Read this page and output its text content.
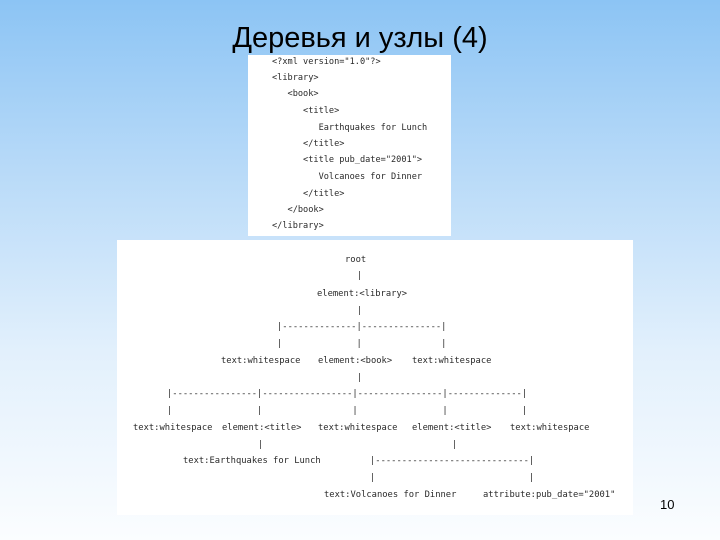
Деревья и узлы (4)
<?xml version="1.0"?>
<library>
<book>
<title>
Earthquakes for Lunch
</title>
<title pub_date="2001">
Volcanoes for Dinner
</title>
</book>
</library>
root
|
element:<library>
|
|--------------|---------------|
|              |               |
text:whitespace element:<book> text:whitespace
|
|----------------|-----------------|----------------|--------------|
|                |                 |                |              |
text:whitespace element:<title> text:whitespace element:<title> text:whitespace
|	|
text:Earthquakes for Lunch	|-----------------------------|
|                             |
text:Volcanoes for Dinner	attribute:pub_date="2001"
10
